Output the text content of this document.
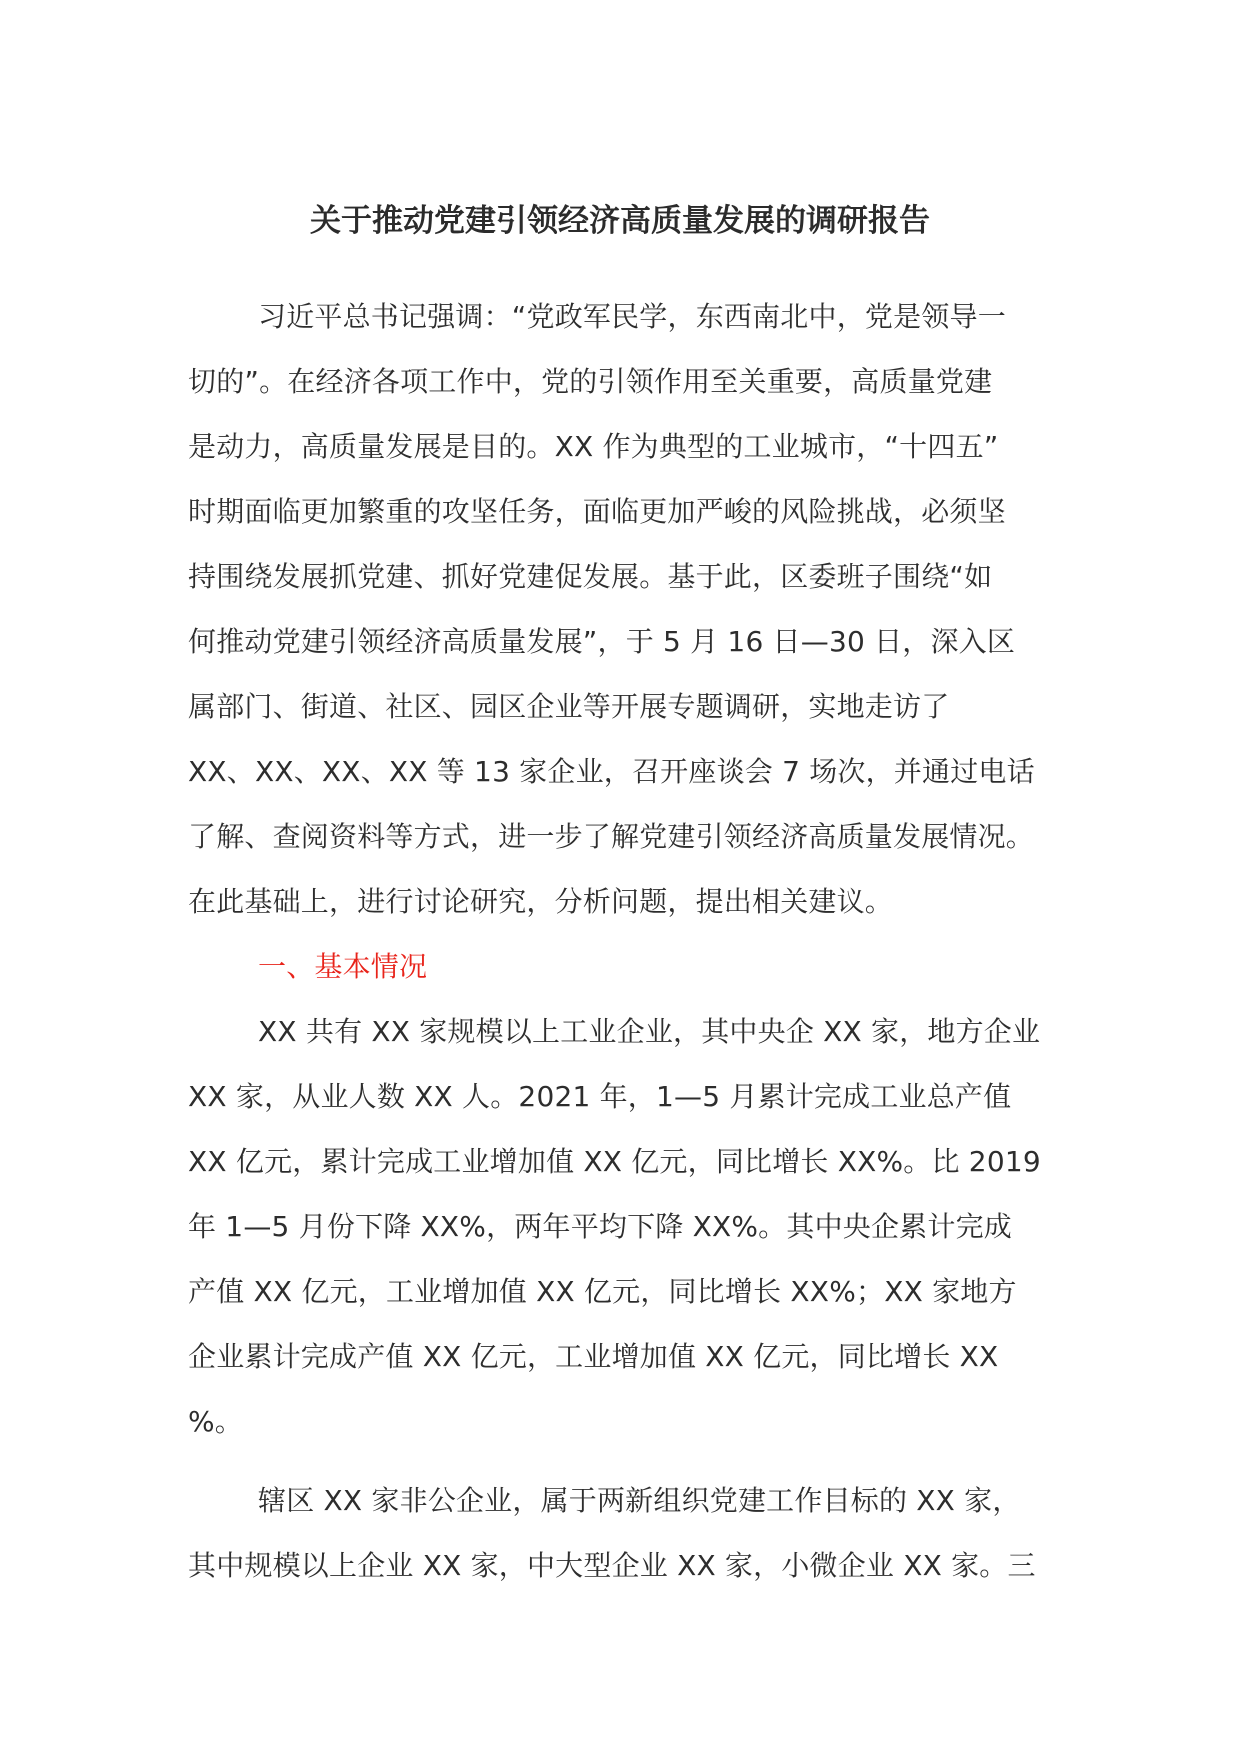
关于推动党建引领经济高质量发展的调研报告
习近平总书记强调：“党政军民学，东西南北中，党是领导一
切的”。在经济各项工作中，党的引领作用至关重要，高质量党建
是动力，高质量发展是目的。XX 作为典型的工业城市，“十四五”
时期面临更加繁重的攻坚任务，面临更加严峻的风险挑战，必须坚
持围绕发展抓党建、抓好党建促发展。基于此，区委班子围绕“如
何推动党建引领经济高质量发展”，于 5 月 16 日—30 日，深入区
属部门、街道、社区、园区企业等开展专题调研，实地走访了
XX、XX、XX、XX 等 13 家企业，召开座谈会 7 场次，并通过电话
了解、查阅资料等方式，进一步了解党建引领经济高质量发展情况。
在此基础上，进行讨论研究，分析问题，提出相关建议。
一、基本情况
XX 共有 XX 家规模以上工业企业，其中央企 XX 家，地方企业
XX 家，从业人数 XX 人。2021 年，1—5 月累计完成工业总产值
XX 亿元，累计完成工业增加值 XX 亿元，同比增长 XX%。比 2019
年 1—5 月份下降 XX%，两年平均下降 XX%。其中央企累计完成
产值 XX 亿元，工业增加值 XX 亿元，同比增长 XX%；XX 家地方
企业累计完成产值 XX 亿元，工业增加值 XX 亿元，同比增长 XX
%。
辖区 XX 家非公企业，属于两新组织党建工作目标的 XX 家，
其中规模以上企业 XX 家，中大型企业 XX 家，小微企业 XX 家。三
